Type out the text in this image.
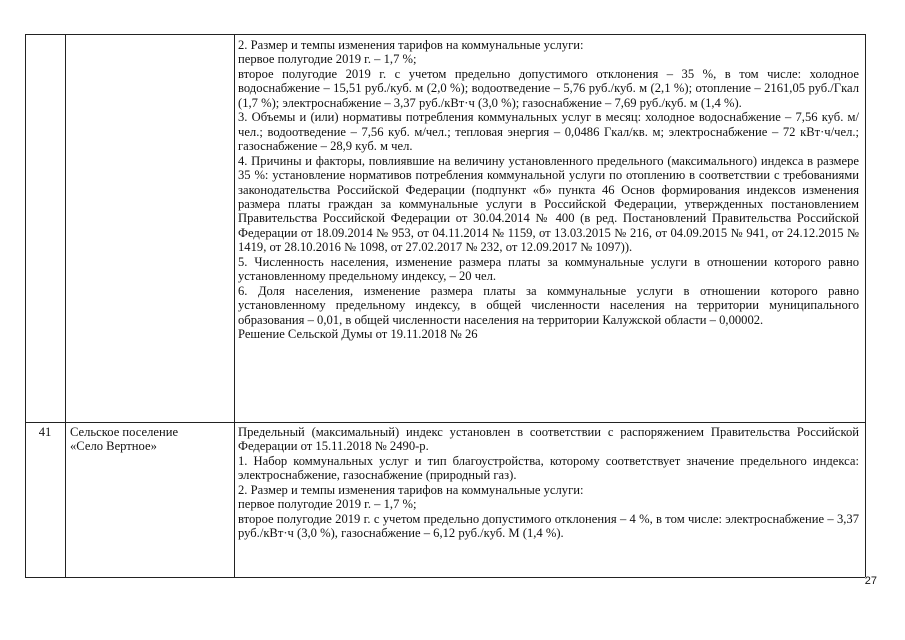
2. Размер и темпы изменения тарифов на коммунальные услуги:

первое полугодие 2019 г. – 1,7 %;

второе полугодие 2019 г. с учетом предельно допустимого отклонения – 35 %, в том числе: холодное водоснабжение – 15,51 руб./куб. м (2,0 %); водоотведение – 5,76 руб./куб. м (2,1 %); отопление – 2161,05 руб./Гкал (1,7 %); электроснабжение – 3,37 руб./кВт·ч (3,0 %); газоснабжение – 7,69 руб./куб. м (1,4 %).

3. Объемы и (или) нормативы потребления коммунальных услуг в месяц: холодное водоснабжение – 7,56 куб. м/чел.; водоотведение – 7,56 куб. м/чел.; тепловая энергия – 0,0486 Гкал/кв. м; электроснабжение – 72 кВт·ч/чел.; газоснабжение – 28,9 куб. м чел.

4. Причины и факторы, повлиявшие на величину установленного предельного (максимального) индекса в размере 35 %: установление нормативов потребления коммунальной услуги по отоплению в соответствии с требованиями законодательства Российской Федерации (подпункт «б» пункта 46 Основ формирования индексов изменения размера платы граждан за коммунальные услуги в Российской Федерации, утвержденных постановлением Правительства Российской Федерации от 30.04.2014 № 400 (в ред. Постановлений Правительства Российской Федерации от 18.09.2014 № 953, от 04.11.2014 № 1159, от 13.03.2015 № 216, от 04.09.2015 № 941, от 24.12.2015 № 1419, от 28.10.2016 № 1098, от 27.02.2017 № 232, от 12.09.2017 № 1097)).

5. Численность населения, изменение размера платы за коммунальные услуги в отношении которого равно установленному предельному индексу, – 20 чел.

6. Доля населения, изменение размера платы за коммунальные услуги в отношении которого равно установленному предельному индексу, в общей численности населения на территории муниципального образования – 0,01, в общей численности населения на территории Калужской области – 0,00002.

Решение Сельской Думы от 19.11.2018 № 26

41	Сельское поселение
«Село Вертное»

Предельный (максимальный) индекс установлен в соответствии с распоряжением Правительства Российской Федерации от 15.11.2018 № 2490-р.

1. Набор коммунальных услуг и тип благоустройства, которому соответствует значение предельного индекса: электроснабжение, газоснабжение (природный газ).

2. Размер и темпы изменения тарифов на коммунальные услуги:

первое полугодие 2019 г. – 1,7 %;

второе полугодие 2019 г. с учетом предельно допустимого отклонения – 4 %, в том числе: электроснабжение – 3,37 руб./кВт·ч (3,0 %), газоснабжение – 6,12 руб./куб. М (1,4 %).

27
